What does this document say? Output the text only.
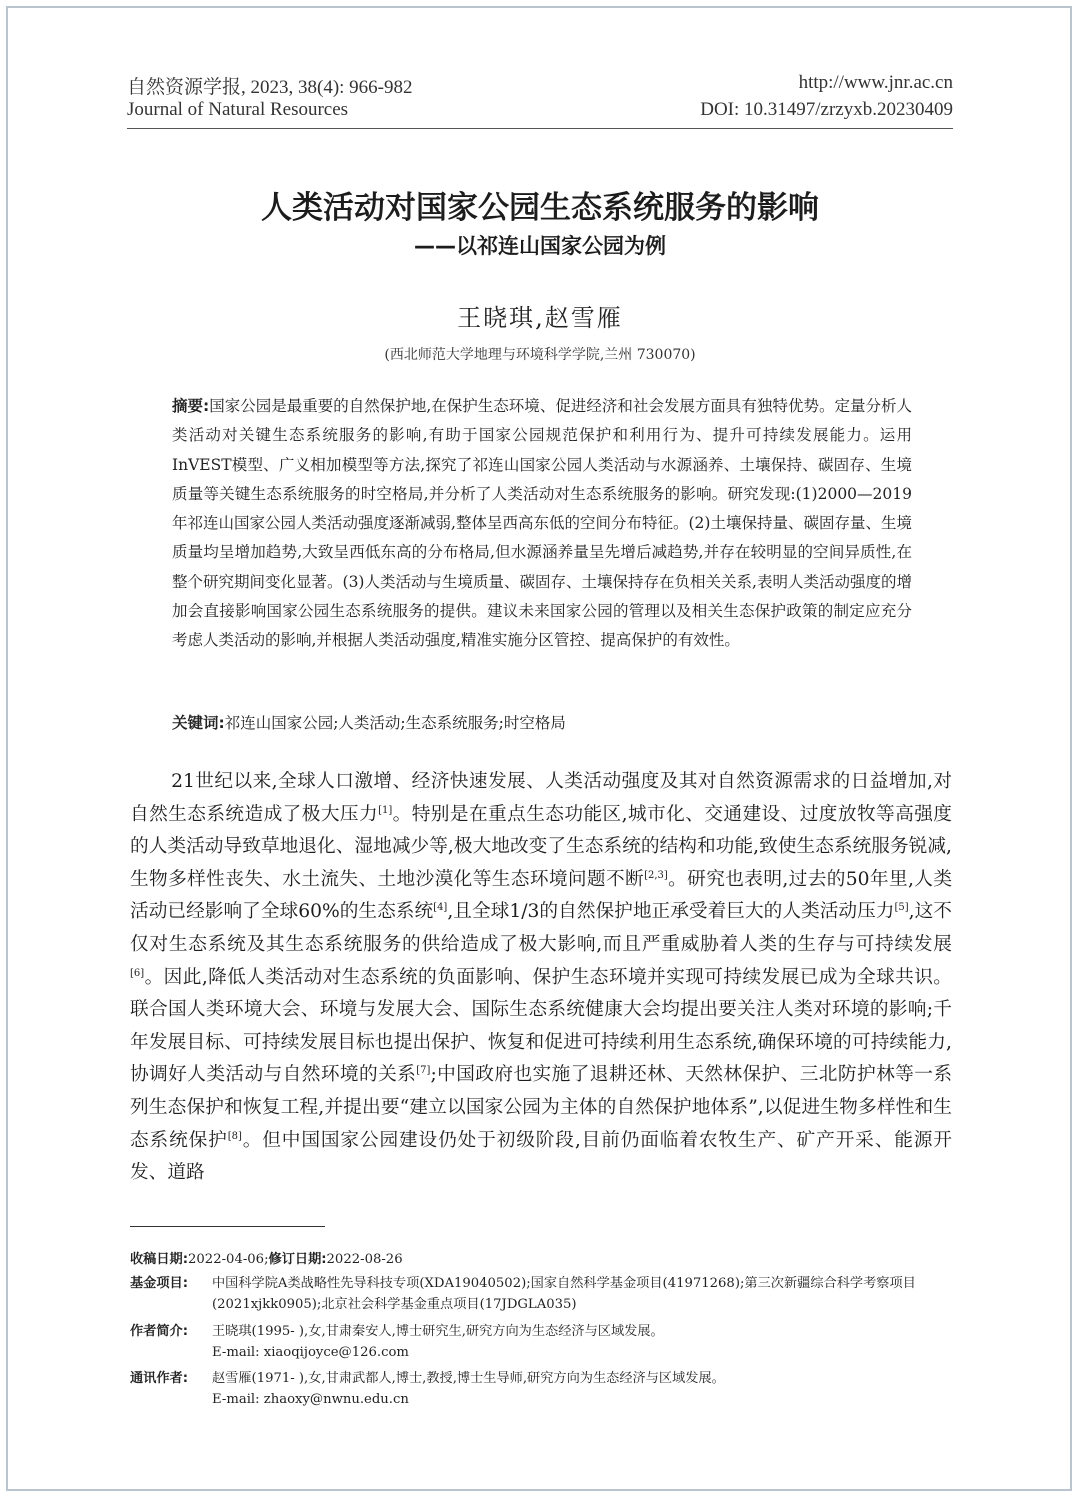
自然资源学报, 2023, 38(4): 966-982
Journal of Natural Resources
http://www.jnr.ac.cn
DOI: 10.31497/zrzyxb.20230409
人类活动对国家公园生态系统服务的影响
——以祁连山国家公园为例
王晓琪,赵雪雁
(西北师范大学地理与环境科学学院,兰州 730070)

摘要:国家公园是最重要的自然保护地,在保护生态环境、促进经济和社会发展方面具有独特优势。定量分析人类活动对关键生态系统服务的影响,有助于国家公园规范保护和利用行为、提升可持续发展能力。运用InVEST模型、广义相加模型等方法,探究了祁连山国家公园人类活动与水源涵养、土壤保持、碳固存、生境质量等关键生态系统服务的时空格局,并分析了人类活动对生态系统服务的影响。研究发现:(1)2000—2019年祁连山国家公园人类活动强度逐渐减弱,整体呈西高东低的空间分布特征。(2)土壤保持量、碳固存量、生境质量均呈增加趋势,大致呈西低东高的分布格局,但水源涵养量呈先增后减趋势,并存在较明显的空间异质性,在整个研究期间变化显著。(3)人类活动与生境质量、碳固存、土壤保持存在负相关关系,表明人类活动强度的增加会直接影响国家公园生态系统服务的提供。建议未来国家公园的管理以及相关生态保护政策的制定应充分考虑人类活动的影响,并根据人类活动强度,精准实施分区管控、提高保护的有效性。

关键词:祁连山国家公园;人类活动;生态系统服务;时空格局

21世纪以来,全球人口激增、经济快速发展、人类活动强度及其对自然资源需求的日益增加,对自然生态系统造成了极大压力[1]。特别是在重点生态功能区,城市化、交通建设、过度放牧等高强度的人类活动导致草地退化、湿地减少等,极大地改变了生态系统的结构和功能,致使生态系统服务锐减,生物多样性丧失、水土流失、土地沙漠化等生态环境问题不断[2,3]。研究也表明,过去的50年里,人类活动已经影响了全球60%的生态系统[4],且全球1/3的自然保护地正承受着巨大的人类活动压力[5],这不仅对生态系统及其生态系统服务的供给造成了极大影响,而且严重威胁着人类的生存与可持续发展[6]。因此,降低人类活动对生态系统的负面影响、保护生态环境并实现可持续发展已成为全球共识。联合国人类环境大会、环境与发展大会、国际生态系统健康大会均提出要关注人类对环境的影响;千年发展目标、可持续发展目标也提出保护、恢复和促进可持续利用生态系统,确保环境的可持续能力,协调好人类活动与自然环境的关系[7];中国政府也实施了退耕还林、天然林保护、三北防护林等一系列生态保护和恢复工程,并提出要“建立以国家公园为主体的自然保护地体系”,以促进生物多样性和生态系统保护[8]。但中国国家公园建设仍处于初级阶段,目前仍面临着农牧生产、矿产开采、能源开发、道路

收稿日期:2022-04-06;修订日期:2022-08-26
基金项目: 中国科学院A类战略性先导科技专项(XDA19040502);国家自然科学基金项目(41971268);第三次新疆综合科学考察项目(2021xjkk0905);北京社会科学基金重点项目(17JDGLA035)
作者简介: 王晓琪(1995- ),女,甘肃秦安人,博士研究生,研究方向为生态经济与区域发展。
E-mail: xiaoqijoyce@126.com
通讯作者: 赵雪雁(1971- ),女,甘肃武都人,博士,教授,博士生导师,研究方向为生态经济与区域发展。
E-mail: zhaoxy@nwnu.edu.cn
